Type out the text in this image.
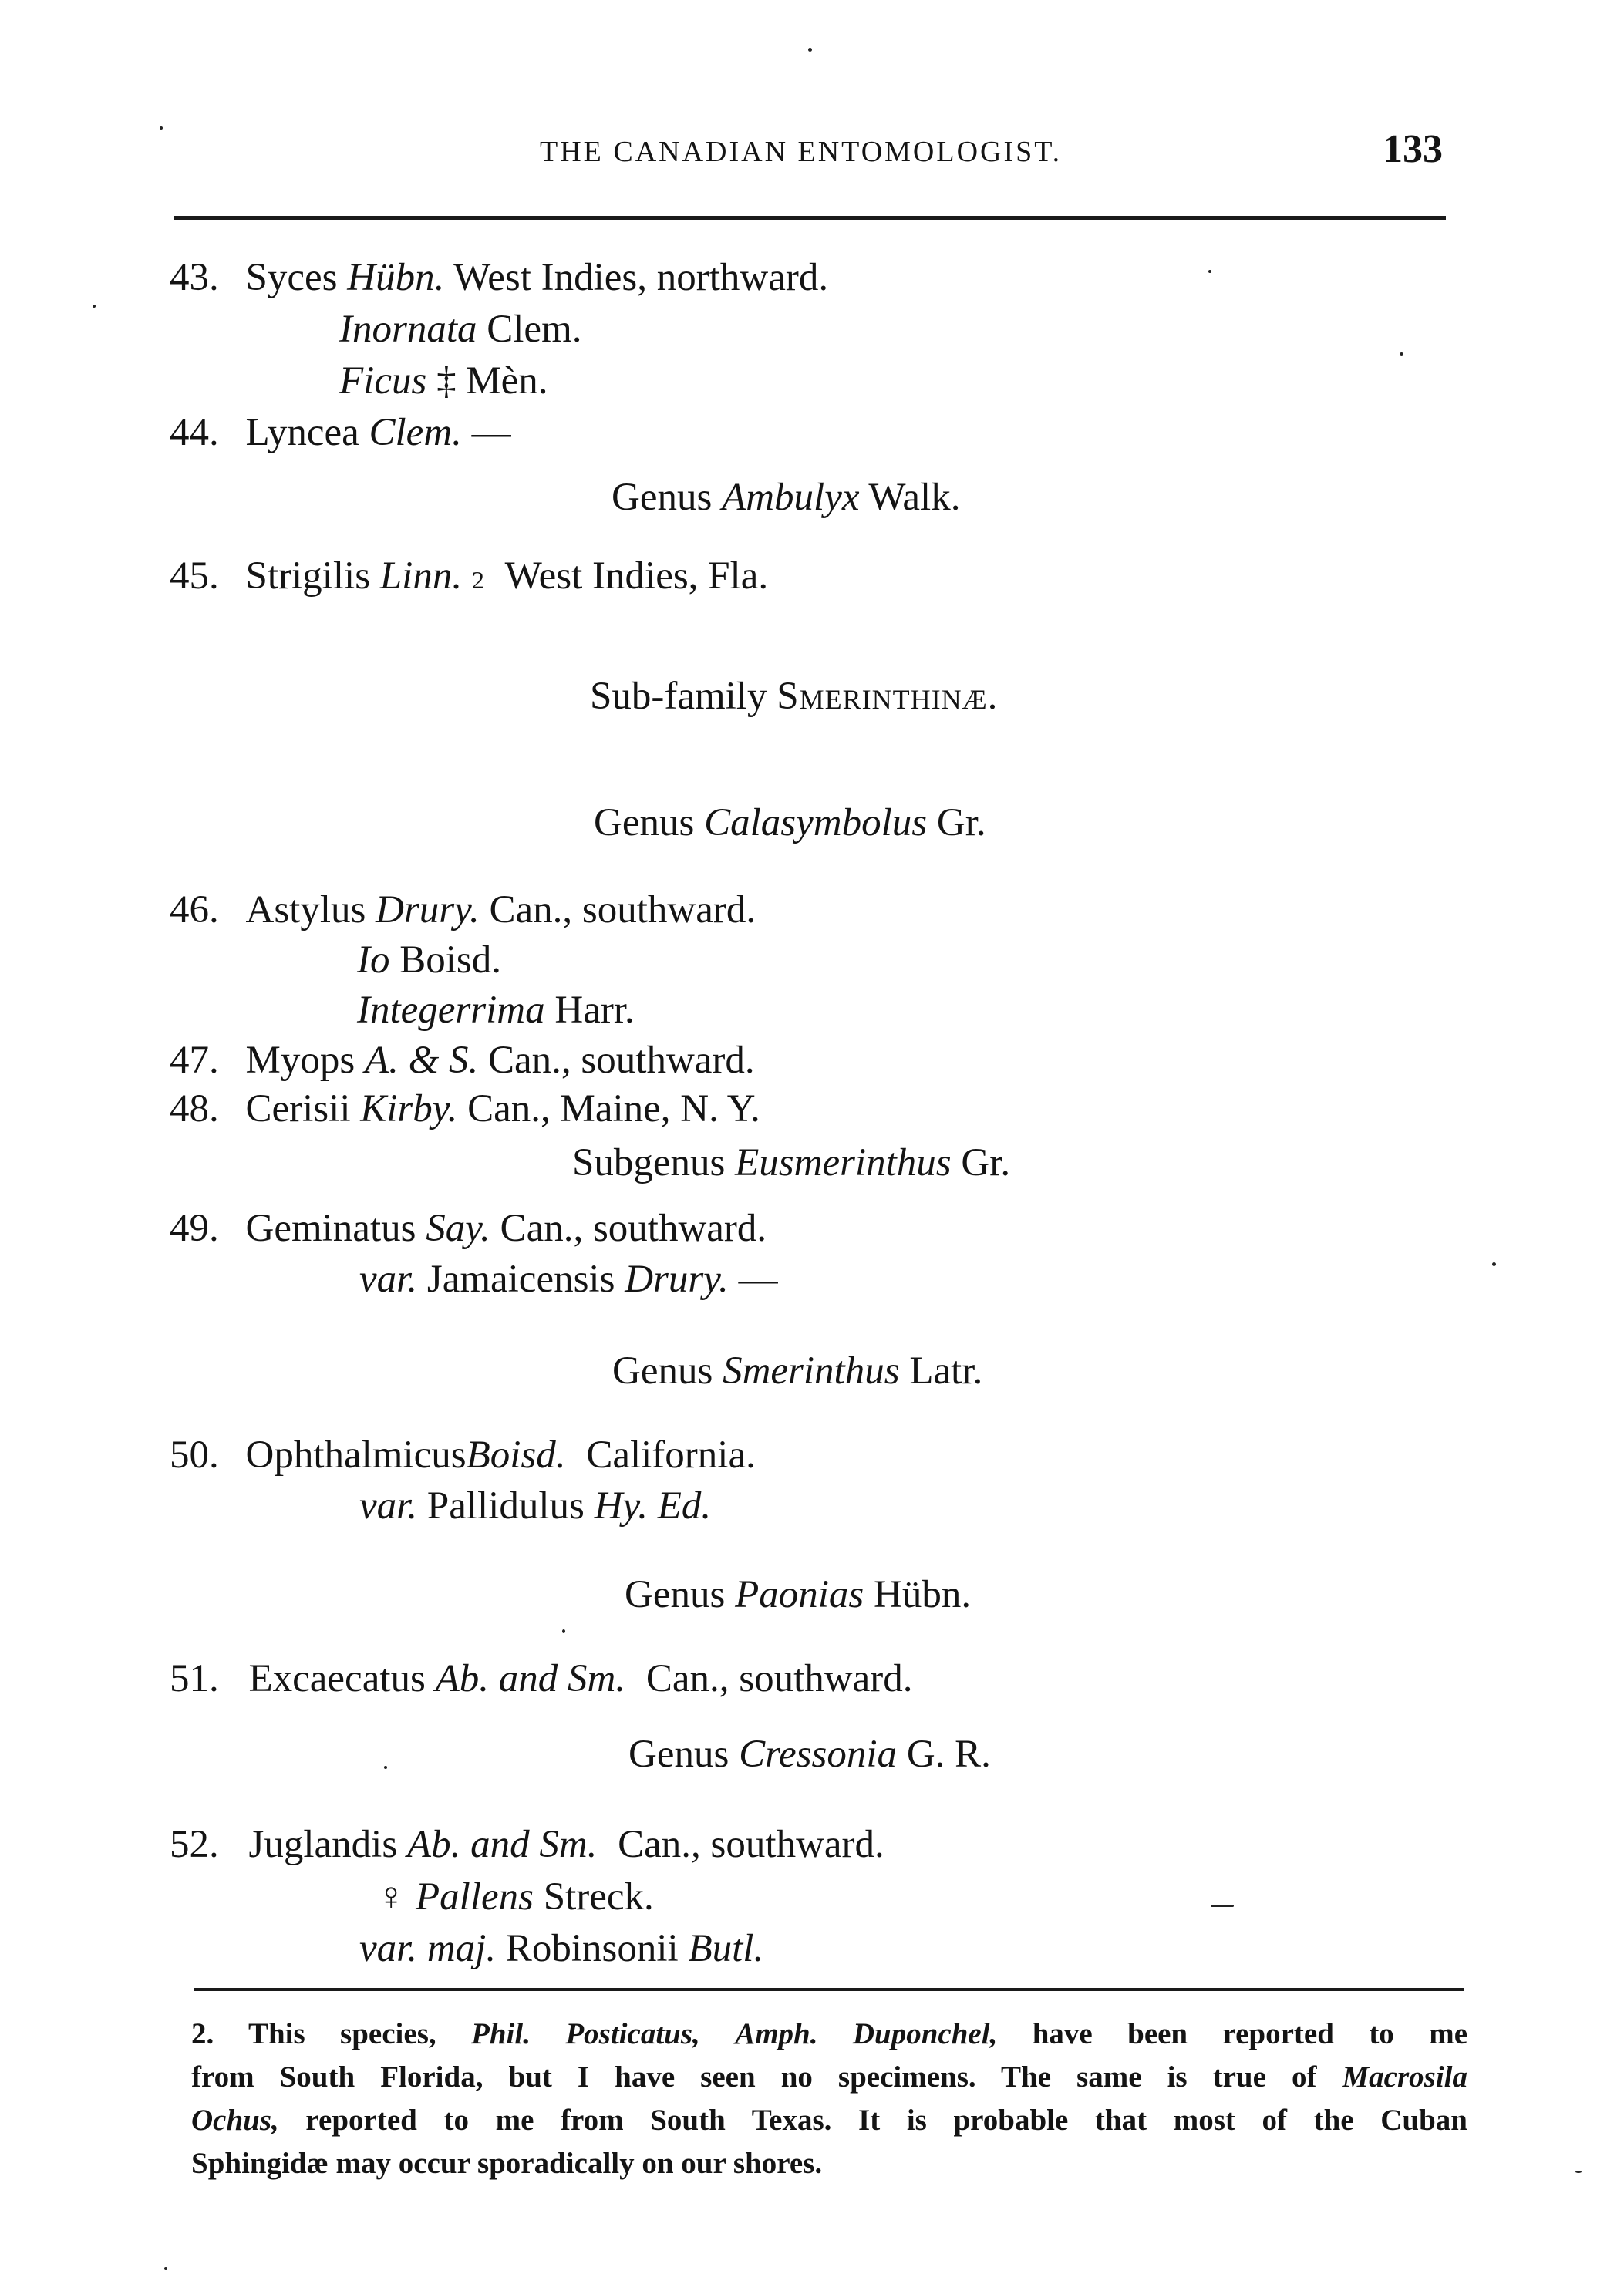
THE CANADIAN ENTOMOLOGIST.	133
43. Syces Hübn. West Indies, northward.
Inornata Clem.
Ficus ‡ Mèn.
44. Lyncea Clem. —
Genus Ambulyx Walk.
45. Strigilis Linn. 2 West Indies, Fla.
Sub-family Smerinthinæ.
Genus Calasymbolus Gr.
46. Astylus Drury. Can., southward.
Io Boisd.
Integerrima Harr.
47. Myops A. & S. Can., southward.
48. Cerisii Kirby. Can., Maine, N. Y.
Subgenus Eusmerinthus Gr.
49. Geminatus Say. Can., southward.
var. Jamaicensis Drury. —
Genus Smerinthus Latr.
50. OphthalmicusBoisd. California.
var. Pallidulus Hy. Ed.
Genus Paonias Hübn.
51. Excaecatus Ab. and Sm. Can., southward.
Genus Cressonia G. R.
52. Juglandis Ab. and Sm. Can., southward.
♀ Pallens Streck.
var. maj. Robinsonii Butl.
2. This species, Phil. Posticatus, Amph. Duponchel, have been reported to me
from South Florida, but I have seen no specimens. The same is true of Macrosila
Ochus, reported to me from South Texas. It is probable that most of the Cuban
Sphingidæ may occur sporadically on our shores.
